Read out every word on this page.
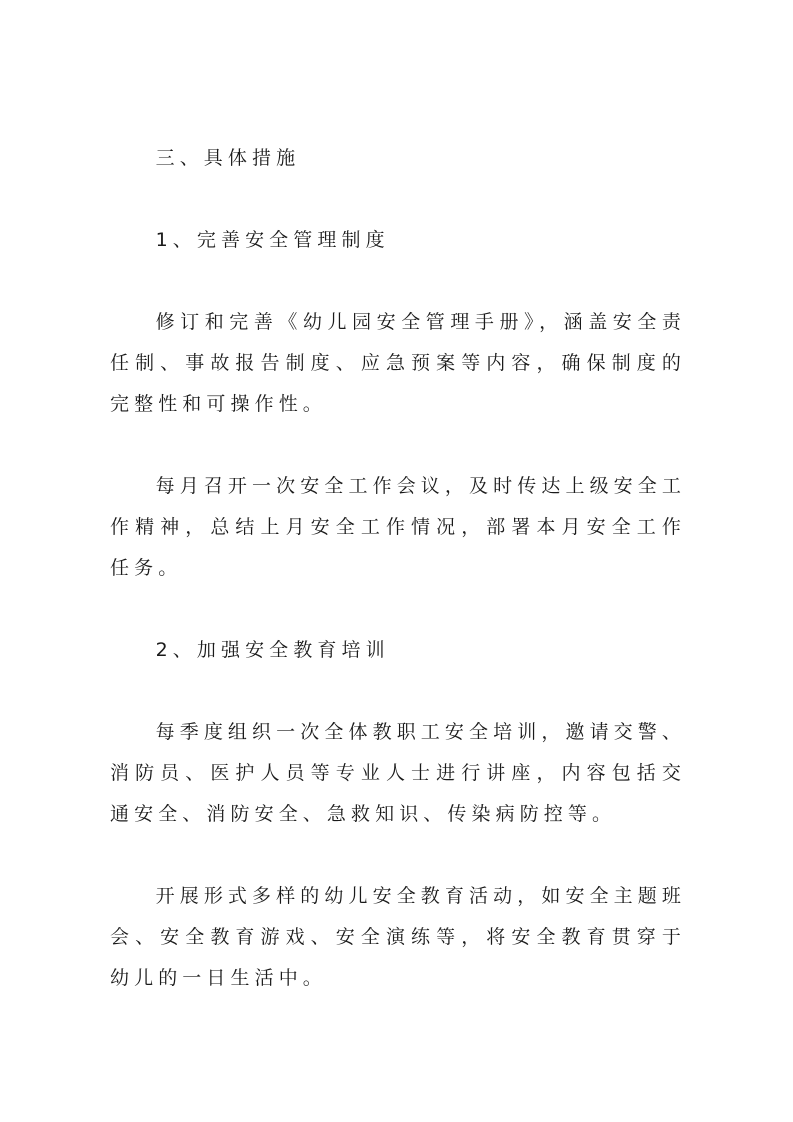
三、具体措施

1、完善安全管理制度

修订和完善《幼儿园安全管理手册》，涵盖安全责任制、事故报告制度、应急预案等内容，确保制度的完整性和可操作性。

每月召开一次安全工作会议，及时传达上级安全工作精神，总结上月安全工作情况，部署本月安全工作任务。

2、加强安全教育培训

每季度组织一次全体教职工安全培训，邀请交警、消防员、医护人员等专业人士进行讲座，内容包括交通安全、消防安全、急救知识、传染病防控等。

开展形式多样的幼儿安全教育活动，如安全主题班会、安全教育游戏、安全演练等，将安全教育贯穿于幼儿的一日生活中。
